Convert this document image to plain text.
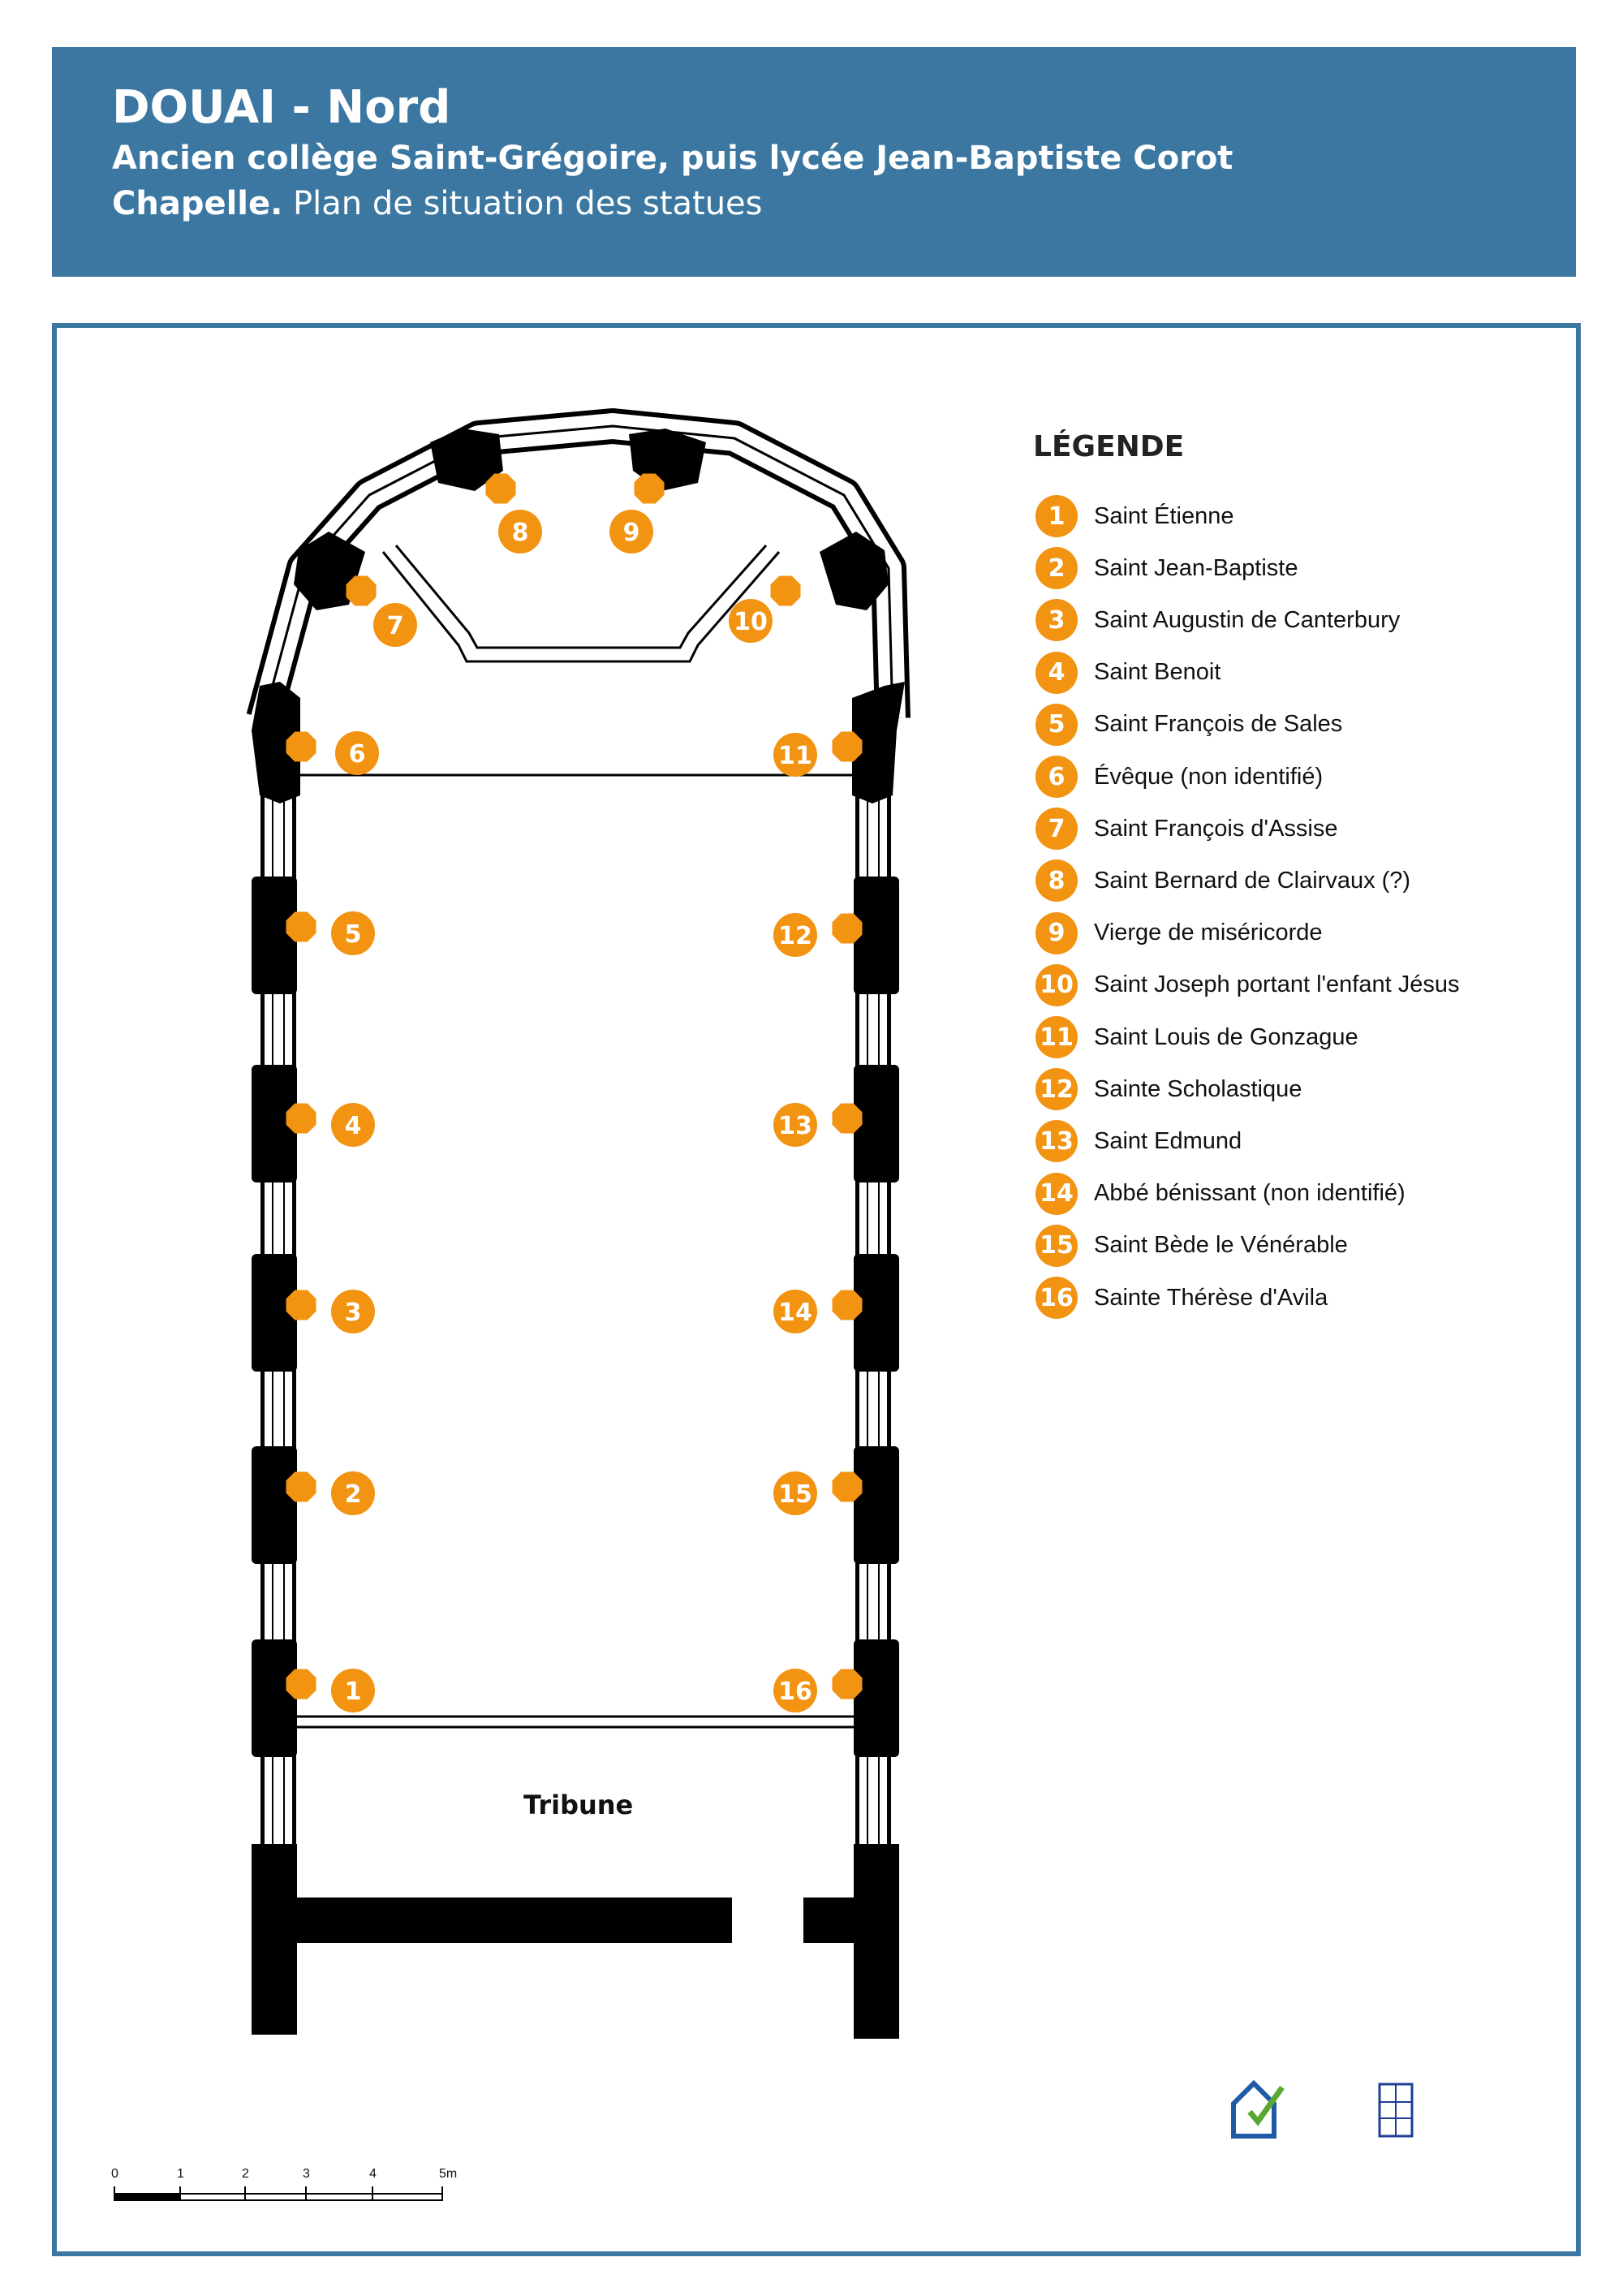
DOUAI - Nord
Ancien collège Saint-Grégoire, puis lycée Jean-Baptiste Corot
Chapelle. Plan de situation des statues
1
2
3
4
5
6
7
8	9
10
11
12
13
14
15
16
Tribune
LÉGENDE
1	Saint Étienne
2	Saint Jean-Baptiste
3	Saint Augustin de Canterbury
4	Saint Benoit
5	Saint François de Sales
6	Évêque (non identifié)
7	Saint François d'Assise
8	Saint Bernard de Clairvaux (?)
9	Vierge de miséricorde
10 Saint Joseph portant l'enfant Jésus
11 Saint Louis de Gonzague
12 Sainte Scholastique
13 Saint Edmund
14 Abbé bénissant (non identifié)
15 Saint Bède le Vénérable
16 Sainte Thérèse d'Avila
0	1	2	3	4	5m
